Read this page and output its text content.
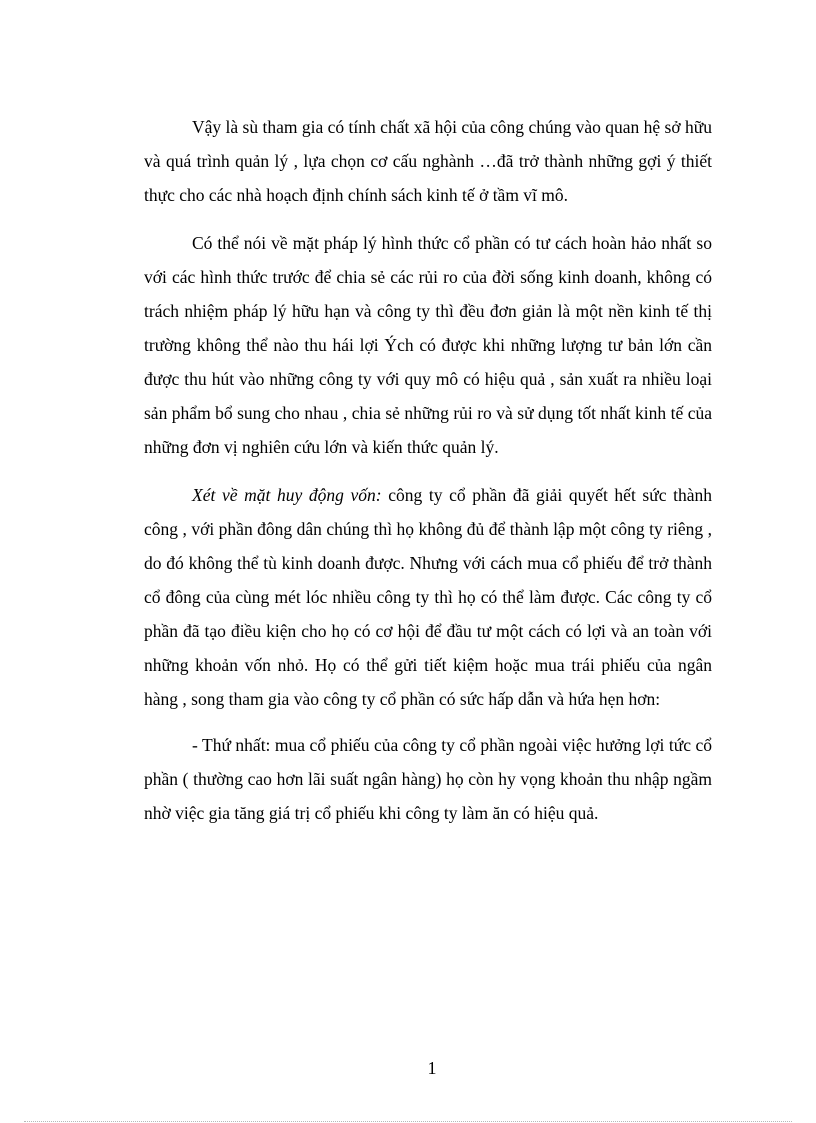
Vậy là sù tham gia có tính chất xã hội của công chúng vào quan hệ sở hữu và quá trình quản lý , lựa chọn cơ cấu nghành …đã trở thành những gợi ý thiết thực cho các nhà hoạch định chính sách kinh tế ở tầm vĩ mô.

Có thể nói về mặt pháp lý hình thức cổ phần có tư cách hoàn hảo nhất so với các hình thức trước để chia sẻ các rủi ro của đời sống kinh doanh, không có trách nhiệm pháp lý hữu hạn và công ty thì đều đơn giản là một nền kinh tế thị trường không thể nào thu hái lợi Ých có được khi những lượng tư bản lớn cần được thu hút vào những công ty với quy mô có hiệu quả , sản xuất ra nhiều loại sản phẩm bổ sung cho nhau , chia sẻ những rủi ro và sử dụng tốt nhất kinh tế của những đơn vị nghiên cứu lớn và kiến thức quản lý.

Xét về mặt huy động vốn: công ty cổ phần đã giải quyết hết sức thành công , với phần đông dân chúng thì họ không đủ để thành lập một công ty riêng , do đó không thể tù kinh doanh được. Nhưng với cách mua cổ phiếu để trở thành cổ đông của cùng mét lóc nhiều công ty thì họ có thể làm được. Các công ty cổ phần đã tạo điều kiện cho họ có cơ hội để đầu tư một cách có lợi và an toàn với những khoản vốn nhỏ. Họ có thể gửi tiết kiệm hoặc mua trái phiếu của ngân hàng , song tham gia vào công ty cổ phần có sức hấp dẫn và hứa hẹn hơn:

- Thứ nhất: mua cổ phiếu của công ty cổ phần ngoài việc hưởng lợi tức cổ phần ( thường cao hơn lãi suất ngân hàng) họ còn hy vọng khoản thu nhập ngầm nhờ việc gia tăng giá trị cổ phiếu khi công ty làm ăn có hiệu quả.

1
